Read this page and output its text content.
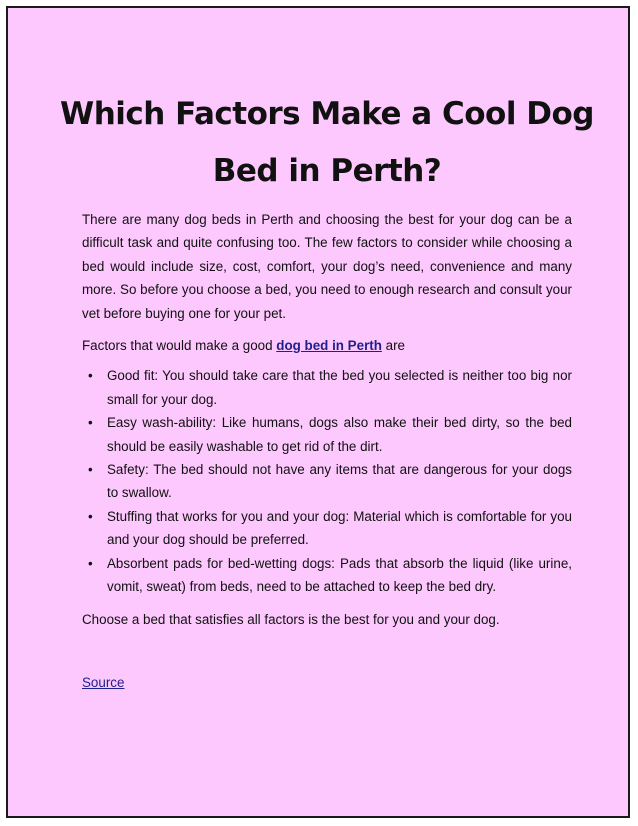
Which Factors Make a Cool Dog Bed in Perth?

There are many dog beds in Perth and choosing the best for your dog can be a difficult task and quite confusing too. The few factors to consider while choosing a bed would include size, cost, comfort, your dog’s need, convenience and many more. So before you choose a bed, you need to enough research and consult your vet before buying one for your pet.

Factors that would make a good dog bed in Perth are

• Good fit: You should take care that the bed you selected is neither too big nor small for your dog.
• Easy wash-ability: Like humans, dogs also make their bed dirty, so the bed should be easily washable to get rid of the dirt.
• Safety: The bed should not have any items that are dangerous for your dogs to swallow.
• Stuffing that works for you and your dog: Material which is comfortable for you and your dog should be preferred.
• Absorbent pads for bed-wetting dogs: Pads that absorb the liquid (like urine, vomit, sweat) from beds, need to be attached to keep the bed dry.

Choose a bed that satisfies all factors is the best for you and your dog.

Source
